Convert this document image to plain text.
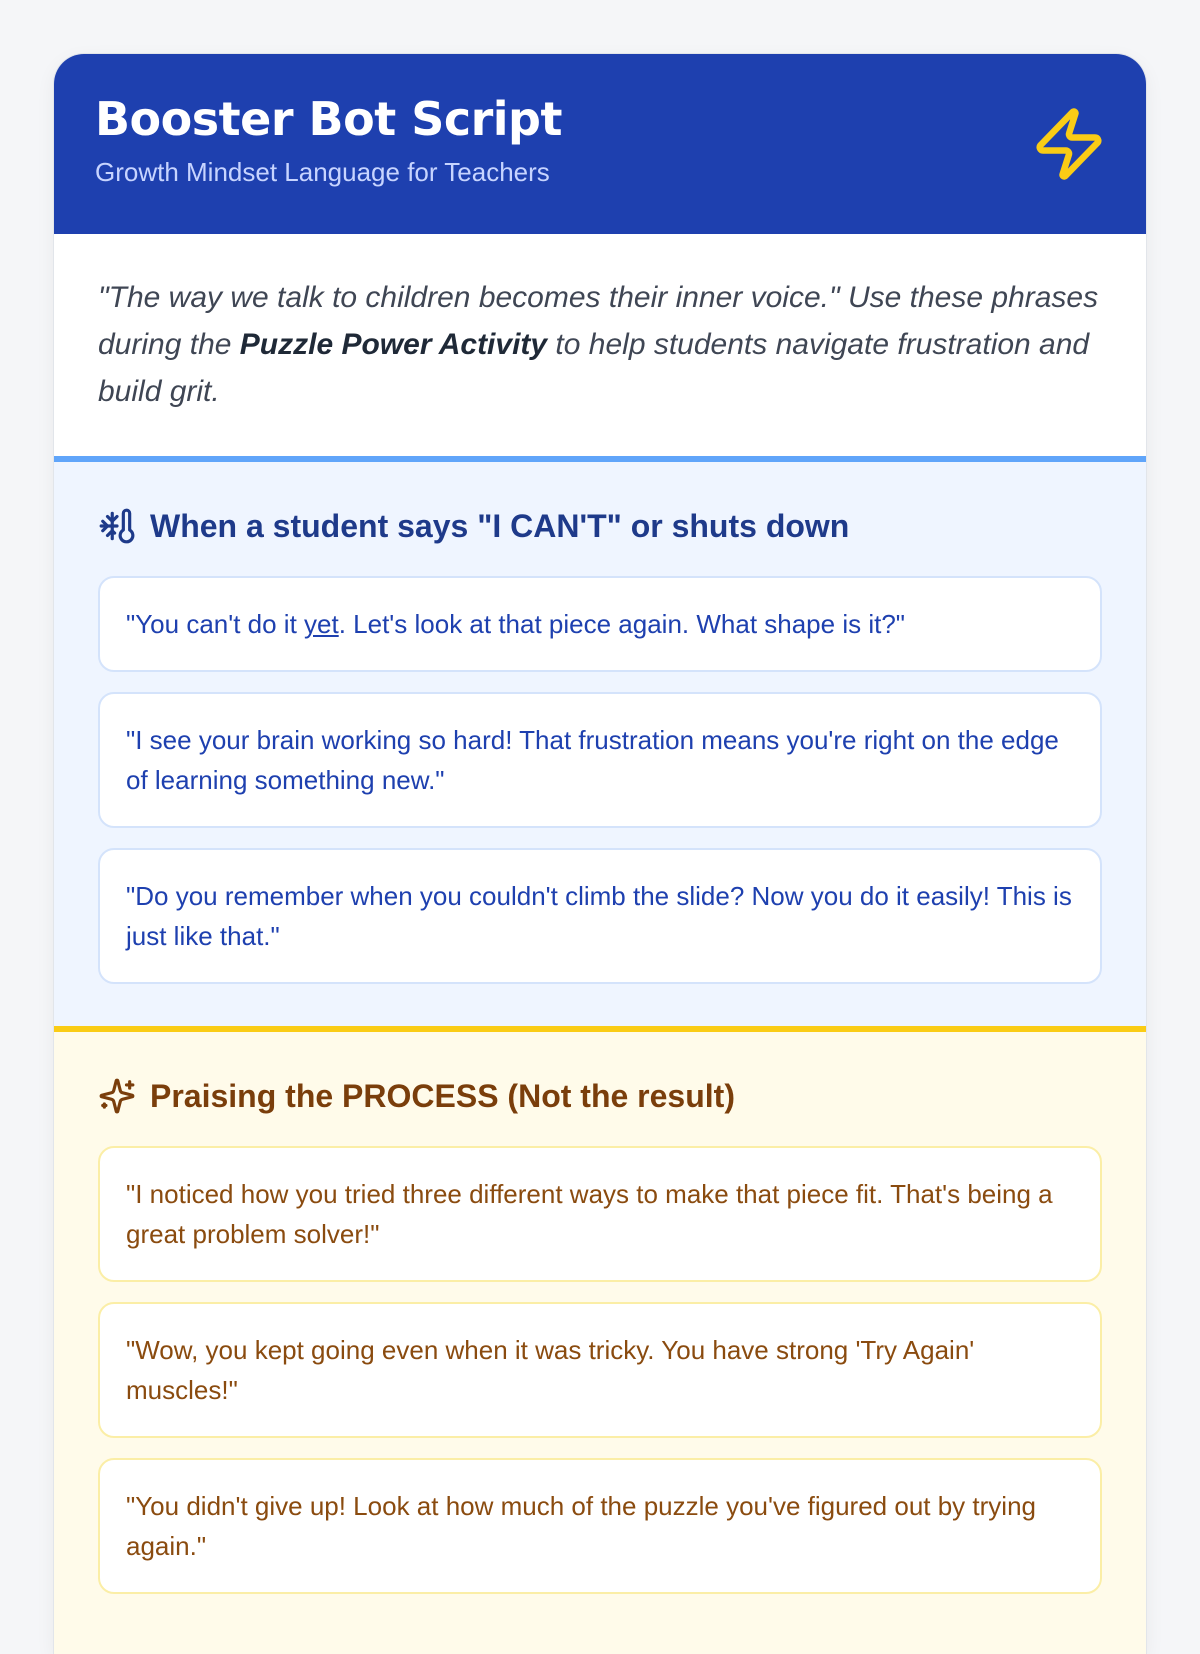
Booster Bot Script
Growth Mindset Language for Teachers
"The way we talk to children becomes their inner voice." Use these phrases during the Puzzle Power Activity to help students navigate frustration and build grit.
When a student says "I CAN'T" or shuts down
"You can't do it yet. Let's look at that piece again. What shape is it?"
"I see your brain working so hard! That frustration means you're right on the edge of learning something new."
"Do you remember when you couldn't climb the slide? Now you do it easily! This is just like that."
Praising the PROCESS (Not the result)
"I noticed how you tried three different ways to make that piece fit. That's being a great problem solver!"
"Wow, you kept going even when it was tricky. You have strong 'Try Again' muscles!"
"You didn't give up! Look at how much of the puzzle you've figured out by trying again."
